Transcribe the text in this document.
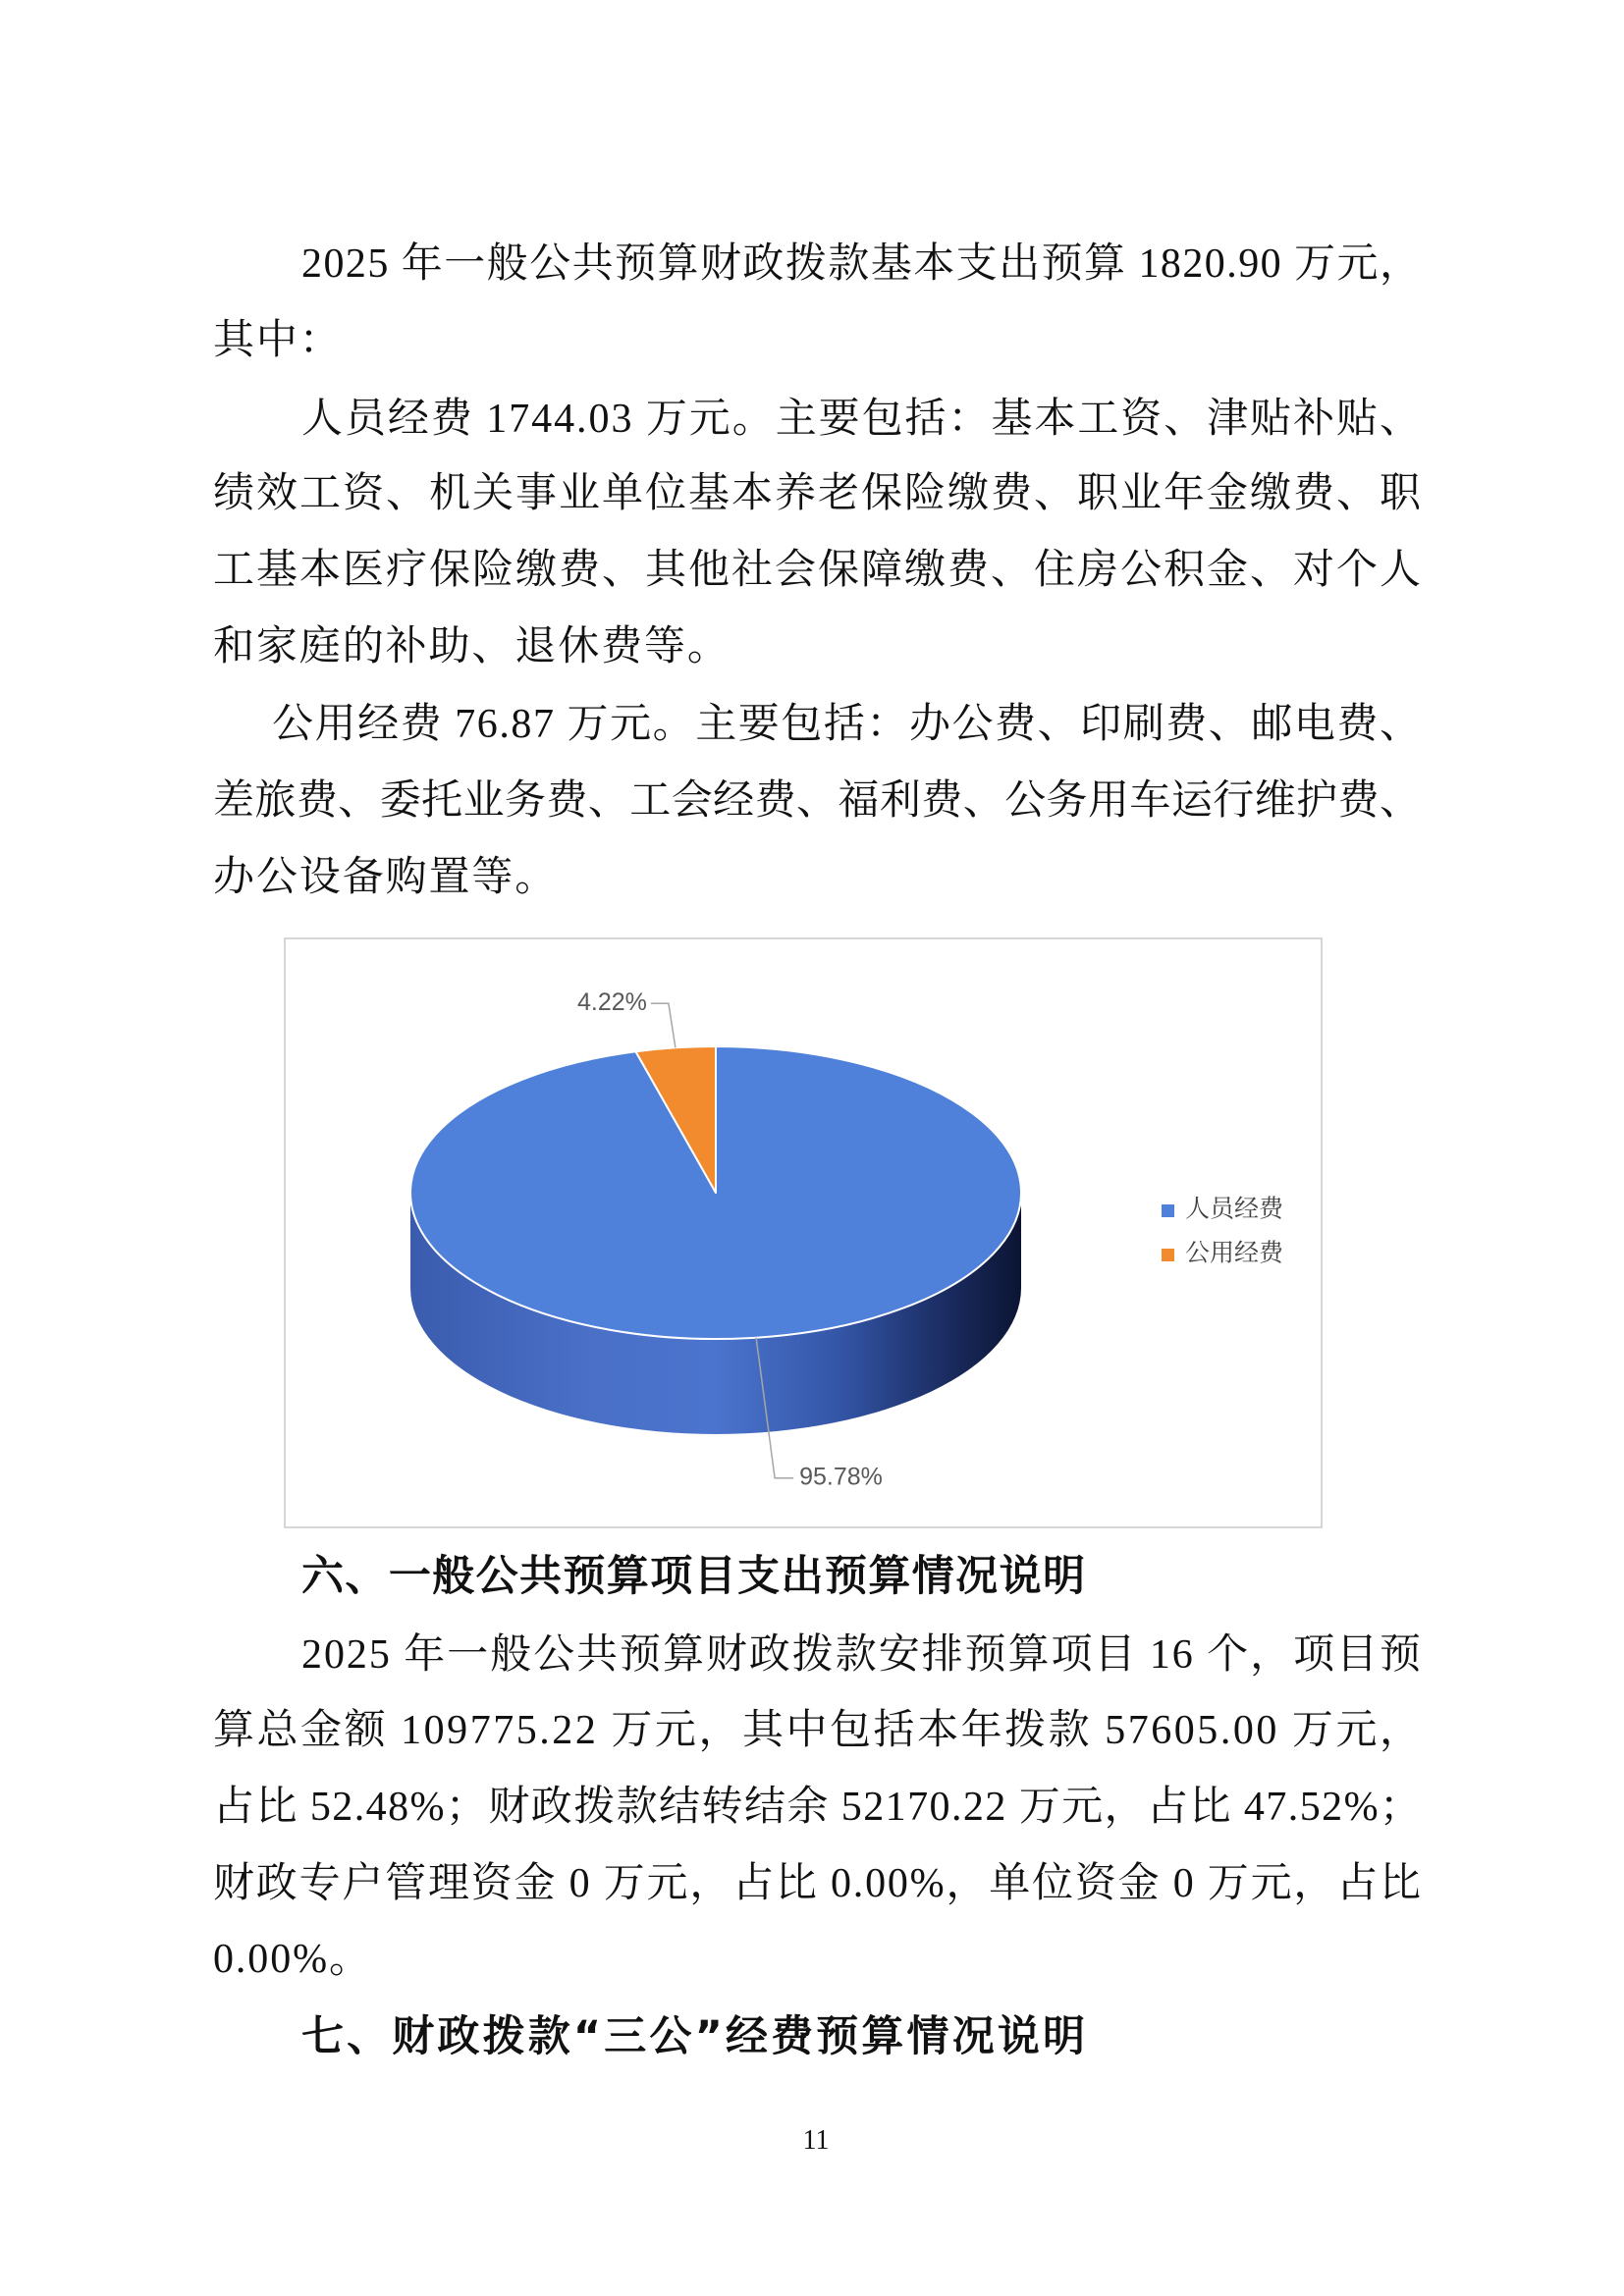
2025 年一般公共预算财政拨款基本支出预算 1820.90 万元，
其中：
人员经费 1744.03 万元。主要包括：基本工资、津贴补贴、
绩效工资、机关事业单位基本养老保险缴费、职业年金缴费、职
工基本医疗保险缴费、其他社会保障缴费、住房公积金、对个人
和家庭的补助、退休费等。
公用经费 76.87 万元。主要包括：办公费、印刷费、邮电费、
差旅费、委托业务费、工会经费、福利费、公务用车运行维护费、
办公设备购置等。
95.78%
4.22%
人员经费
公用经费
六、一般公共预算项目支出预算情况说明
2025 年一般公共预算财政拨款安排预算项目 16 个，项目预
算总金额 109775.22 万元，其中包括本年拨款 57605.00 万元，
占比 52.48%；财政拨款结转结余 52170.22 万元，占比 47.52%；
财政专户管理资金 0 万元，占比 0.00%，单位资金 0 万元，占比
0.00%。
七、财政拨款“三公”经费预算情况说明
11
